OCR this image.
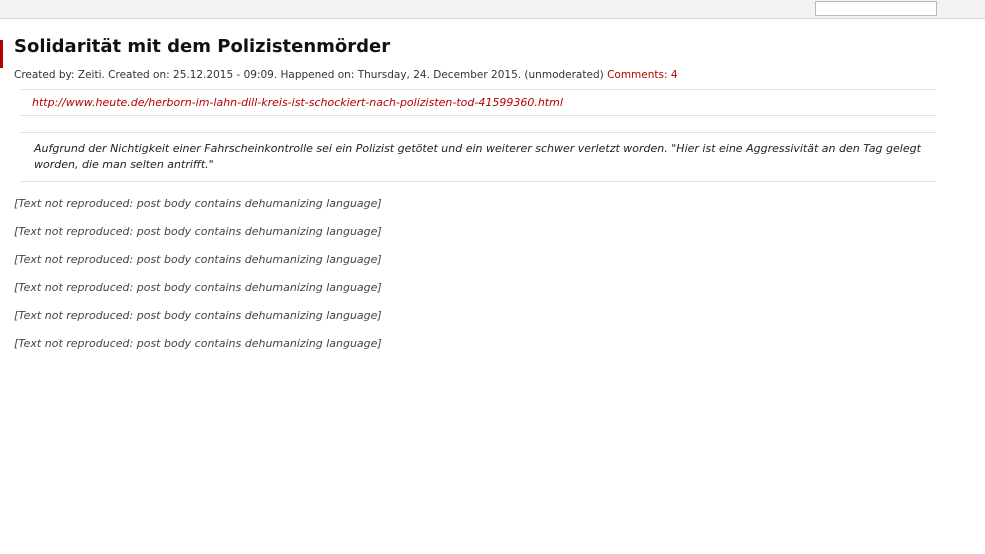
Solidarität mit dem Polizistenmörder
Created by: Zeiti. Created on: 25.12.2015 - 09:09. Happened on: Thursday, 24. December 2015. (unmoderated) Comments: 4
http://www.heute.de/herborn-im-lahn-dill-kreis-ist-schockiert-nach-polizisten-tod-41599360.html
Aufgrund der Nichtigkeit einer Fahrscheinkontrolle sei ein Polizist getötet und ein weiterer schwer verletzt worden. "Hier ist eine Aggressivität an den Tag gelegt worden, die man selten antrifft."

[Text not reproduced: post body contains dehumanizing language]

[Text not reproduced: post body contains dehumanizing language]

[Text not reproduced: post body contains dehumanizing language]

[Text not reproduced: post body contains dehumanizing language]

[Text not reproduced: post body contains dehumanizing language]

[Text not reproduced: post body contains dehumanizing language]
